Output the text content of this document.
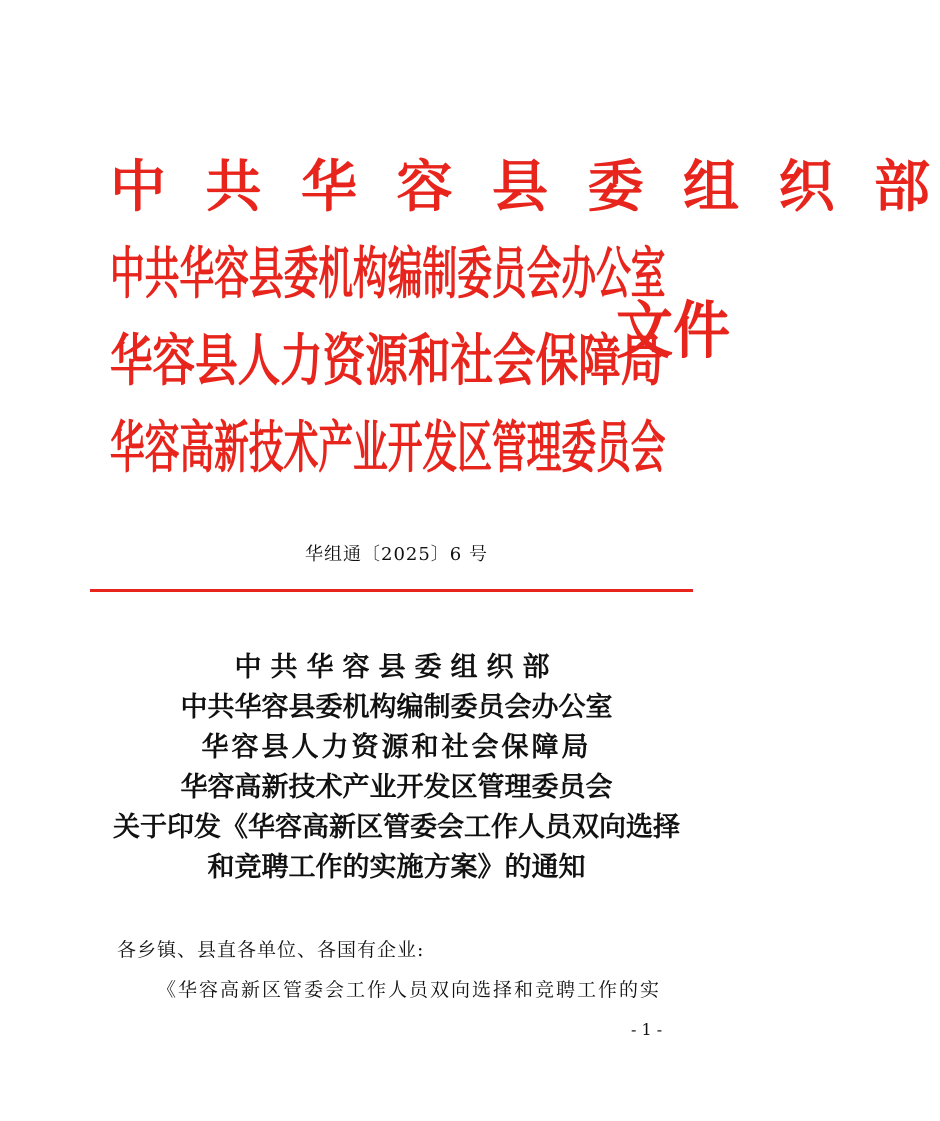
中 共 华 容 县 委 组 织 部
中共华容县委机构编制委员会办公室
华容县人力资源和社会保障局
华容高新技术产业开发区管理委员会
文件
华组通〔2025〕6 号
中共华容县委组织部
中共华容县委机构编制委员会办公室
华容县人力资源和社会保障局
华容高新技术产业开发区管理委员会
关于印发《华容高新区管委会工作人员双向选择
和竞聘工作的实施方案》的通知
各乡镇、县直各单位、各国有企业:
《华容高新区管委会工作人员双向选择和竞聘工作的实
- 1 -
